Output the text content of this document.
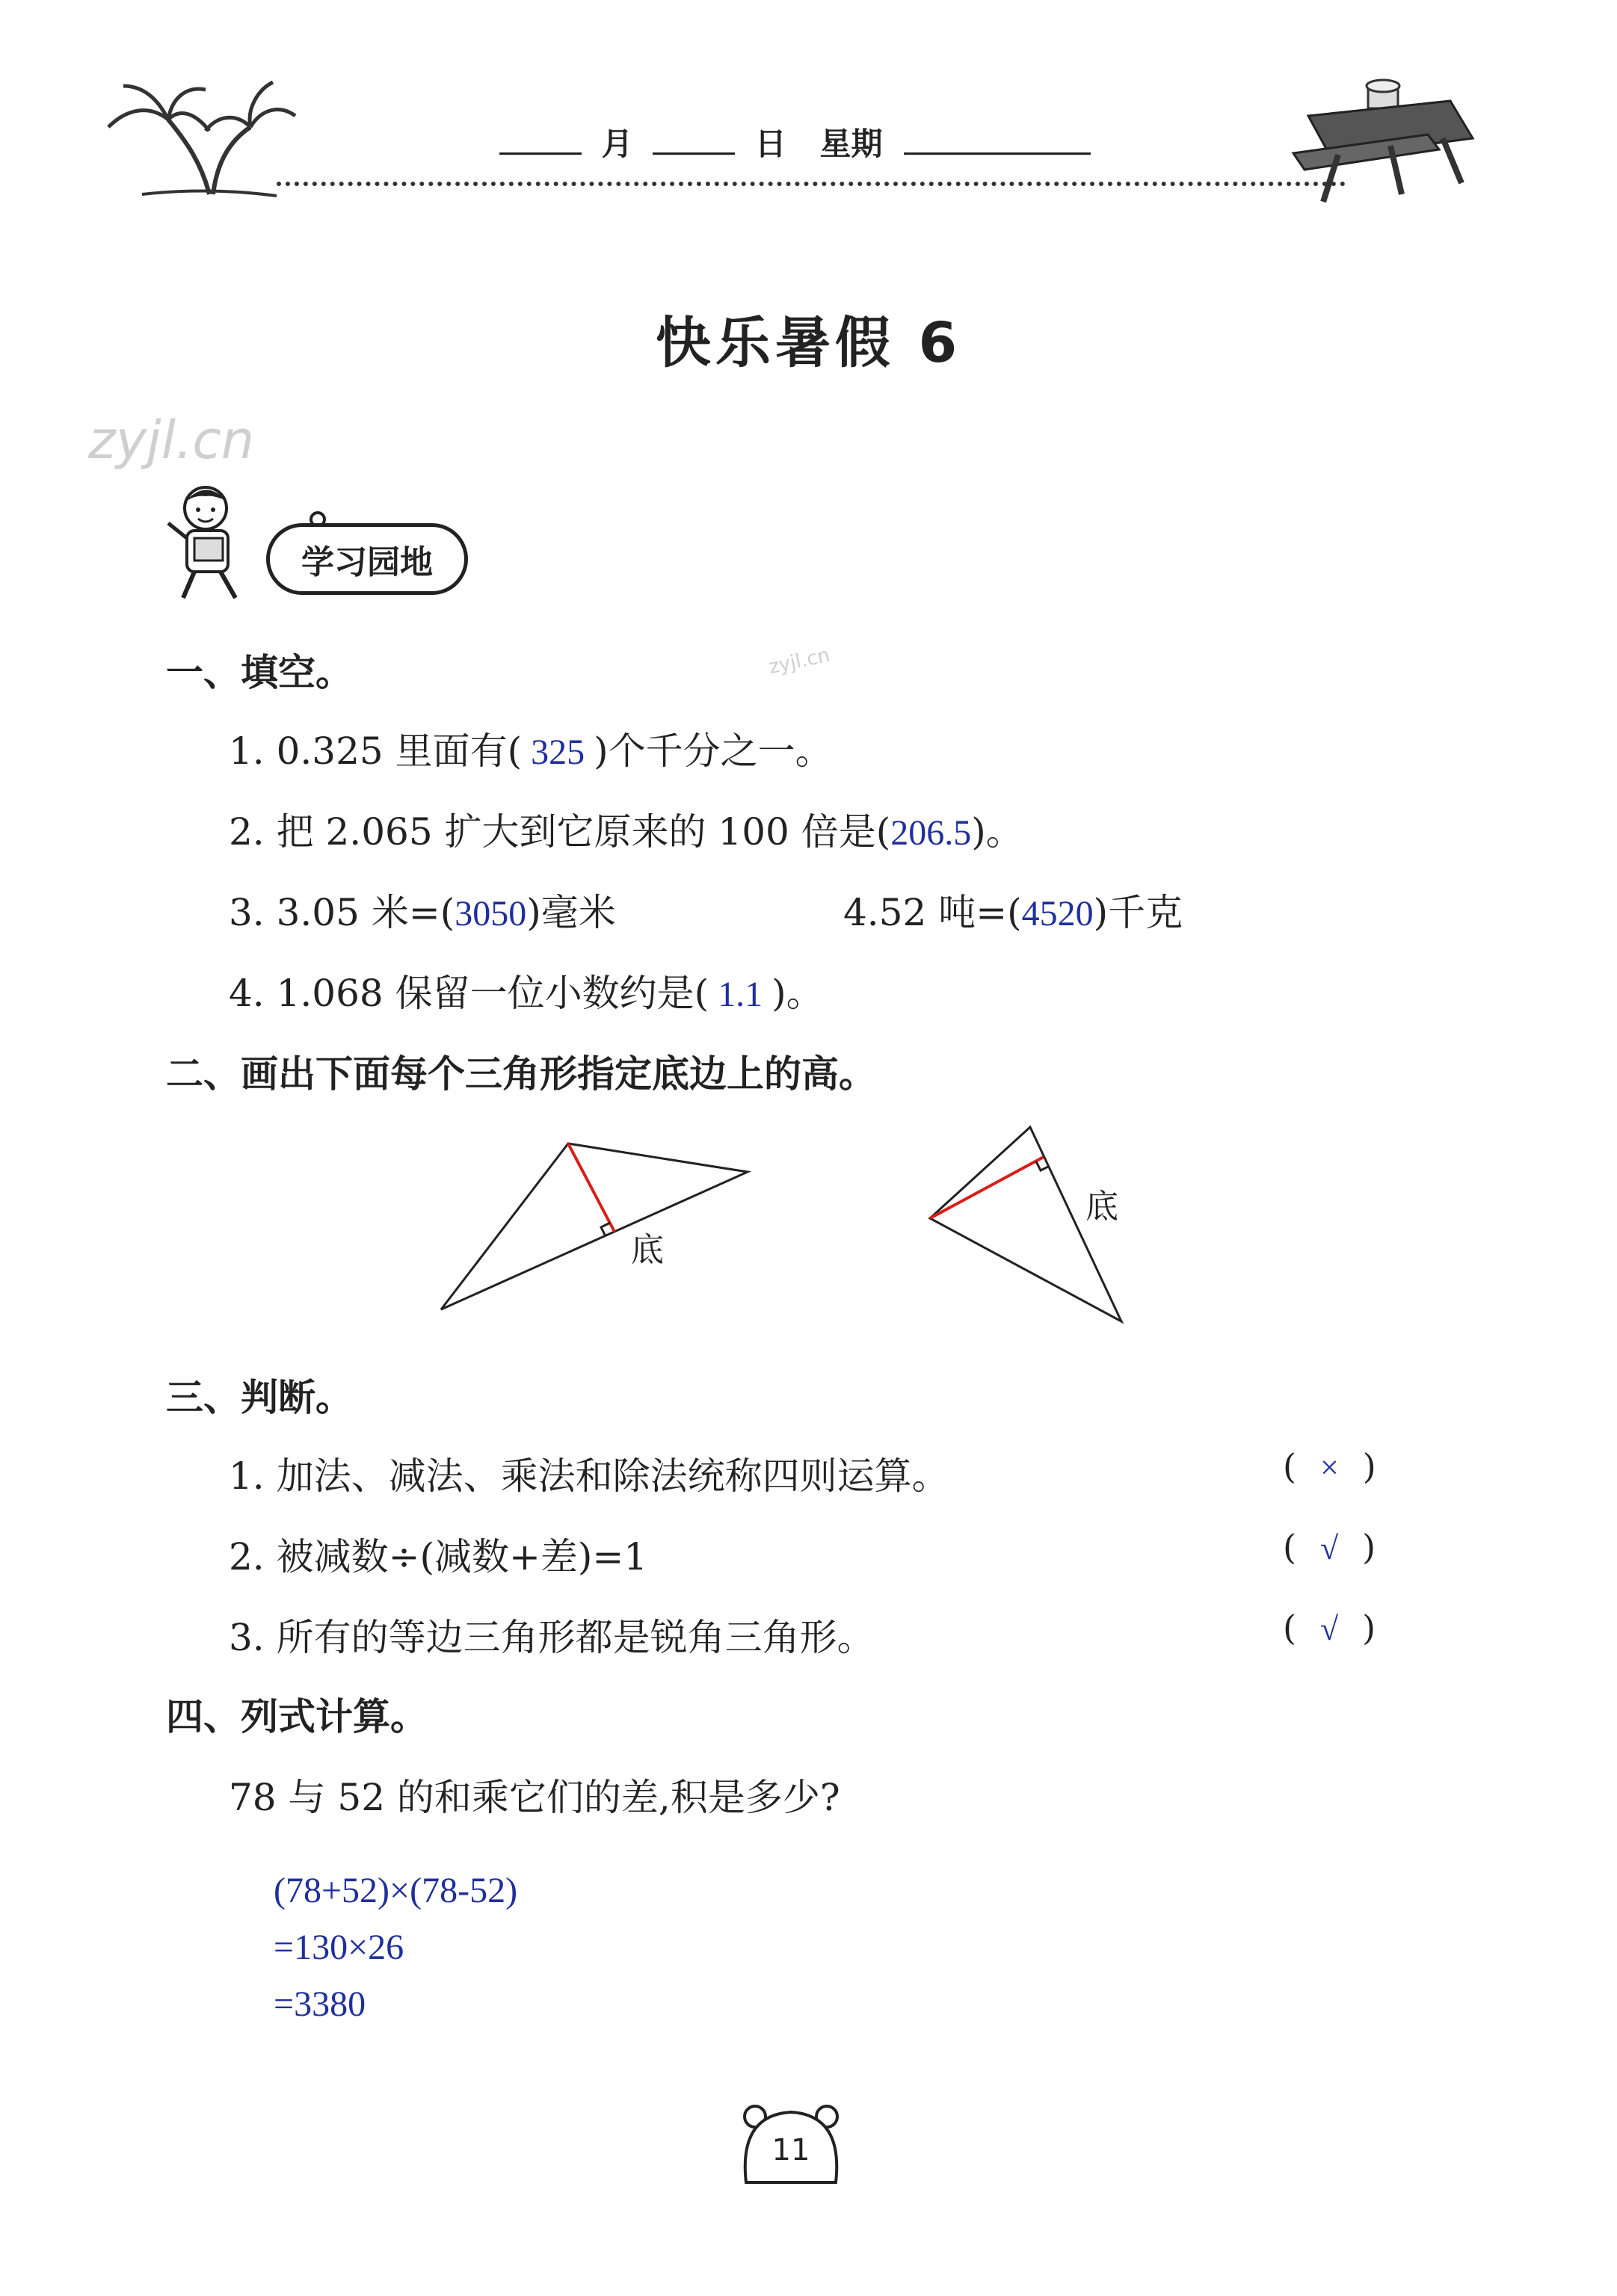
月	日 星期
快乐暑假 6
zyjl.cn
zyjl.cn
学习园地
一、填空。
1. 0.325 里面有( 325 )个千分之一。
2. 把 2.065 扩大到它原来的 100 倍是(206.5)。
3. 3.05 米=(3050)毫米	4.52 吨=(4520)千克
4. 1.068 保留一位小数约是( 1.1 )。
二、画出下面每个三角形指定底边上的高。
底
底
三、判断。
1. 加法、减法、乘法和除法统称四则运算。	( × )
2. 被减数÷(减数+差)=1	( √ )
3. 所有的等边三角形都是锐角三角形。	( √ )
四、列式计算。
78 与 52 的和乘它们的差,积是多少?
(78+52)×(78-52)
=130×26
=3380
11
